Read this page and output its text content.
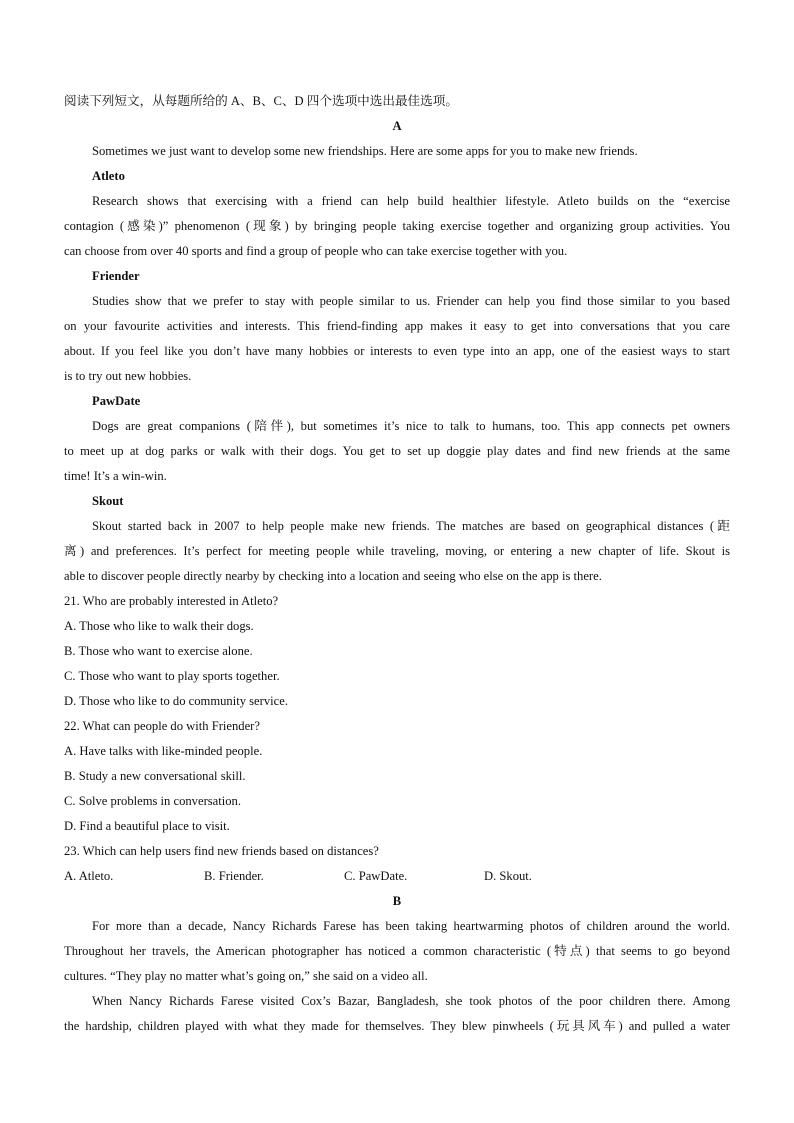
阅读下列短文，从每题所给的 A、B、C、D 四个选项中选出最佳选项。
A
Sometimes we just want to develop some new friendships. Here are some apps for you to make new friends.
Atleto
Research shows that exercising with a friend can help build healthier lifestyle. Atleto builds on the “exercise
contagion (感染)” phenomenon (现象) by bringing people taking exercise together and organizing group activities. You
can choose from over 40 sports and find a group of people who can take exercise together with you.
Friender
Studies show that we prefer to stay with people similar to us. Friender can help you find those similar to you based
on your favourite activities and interests. This friend-finding app makes it easy to get into conversations that you care
about. If you feel like you don’t have many hobbies or interests to even type into an app, one of the easiest ways to start
is to try out new hobbies.
PawDate
Dogs are great companions (陪伴), but sometimes it’s nice to talk to humans, too. This app connects pet owners
to meet up at dog parks or walk with their dogs. You get to set up doggie play dates and find new friends at the same
time! It’s a win-win.
Skout
Skout started back in 2007 to help people make new friends. The matches are based on geographical distances (距
离) and preferences. It’s perfect for meeting people while traveling, moving, or entering a new chapter of life. Skout is
able to discover people directly nearby by checking into a location and seeing who else on the app is there.
21. Who are probably interested in Atleto?
A. Those who like to walk their dogs.
B. Those who want to exercise alone.
C. Those who want to play sports together.
D. Those who like to do community service.
22. What can people do with Friender?
A. Have talks with like-minded people.
B. Study a new conversational skill.
C. Solve problems in conversation.
D. Find a beautiful place to visit.
23. Which can help users find new friends based on distances?
A. Atleto.	B. Friender.	C. PawDate.	D. Skout.
B
For more than a decade, Nancy Richards Farese has been taking heartwarming photos of children around the world.
Throughout her travels, the American photographer has noticed a common characteristic (特点) that seems to go beyond
cultures. “They play no matter what’s going on,” she said on a video all.
When Nancy Richards Farese visited Cox’s Bazar, Bangladesh, she took photos of the poor children there. Among
the hardship, children played with what they made for themselves. They blew pinwheels (玩具风车) and pulled a water
